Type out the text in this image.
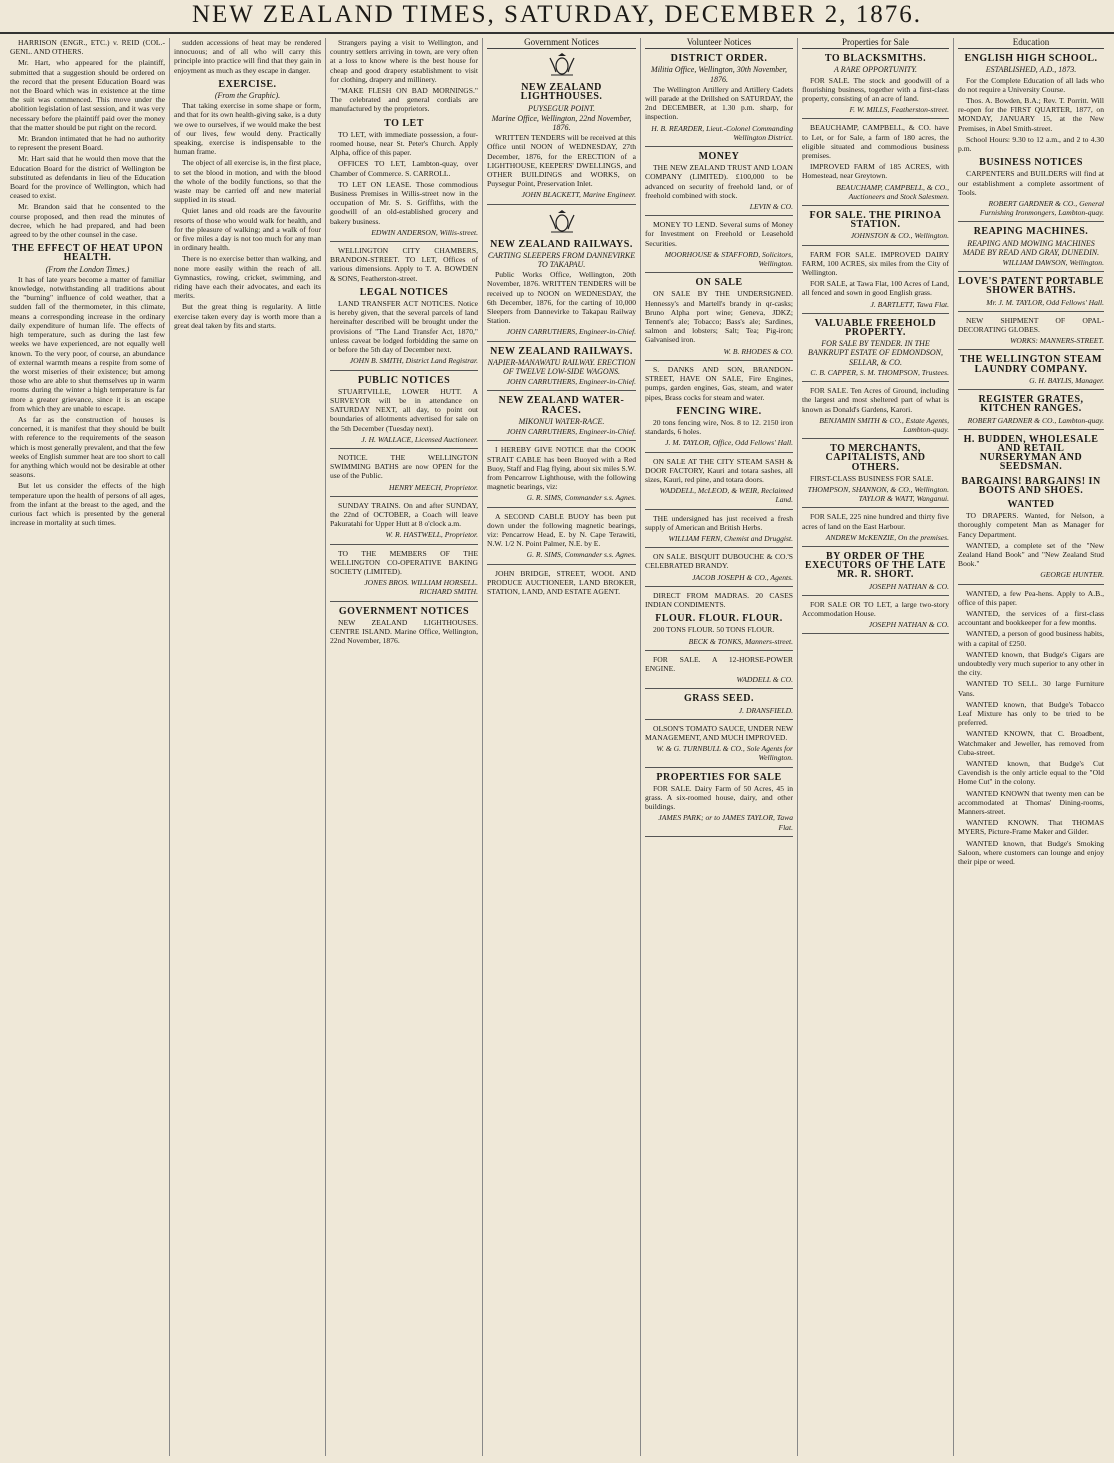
NEW ZEALAND TIMES, SATURDAY, DECEMBER 2, 1876.
HARRISON (ENGR., ETC.) v. REID (COL.-GENL. AND OTHERS.
Mr. Hart, who appeared for the plaintiff, submitted that a suggestion should be ordered on the record that the present Education Board was not the Board which was in existence at the time the suit was commenced. This move under the abolition legislation of last session, and it was very necessary before the plaintiff paid over the money that the matter should be put right on the record.
Mr. Brandon intimated that he had no authority to represent the present Board.
Mr. Hart said that he would then move that the Education Board for the district of Wellington be substituted as defendants in lieu of the Education Board for the province of Wellington, which had ceased to exist.
Mr. Brandon said that he consented to the course proposed, and then read the minutes of decree, which he had prepared, and had been agreed to by the other counsel in the case.
THE EFFECT OF HEAT UPON HEALTH.
(From the London Times.)
It has of late years become a matter of familiar knowledge, notwithstanding all traditions about the "burning" influence of cold weather, that a sudden fall of the thermometer, in this climate, means a corresponding increase in the ordinary daily expenditure of human life. The effects of high temperature, such as during the last few weeks we have experienced, are not equally well known. To the very poor, of course, an abundance of external warmth means a respite from some of the worst miseries of their existence; but among those who are able to shut themselves up in warm rooms during the winter a high temperature is far more a greater grievance, since it is an escape from which they are unable to escape.
As far as the construction of houses is concerned, it is manifest that they should be built with reference to the requirements of the season which is most generally prevalent, and that the few weeks of English summer heat are too short to call for anything which would not be desirable at other seasons.
But let us consider the effects of the high temperature upon the health of persons of all ages, from the infant at the breast to the aged, and the curious fact which is presented by the general increase in mortality at such times.
sudden accessions of heat may be rendered innocuous; and of all who will carry this principle into practice will find that they gain in enjoyment as much as they escape in danger.
EXERCISE.
(From the Graphic).
That taking exercise in some shape or form, and that for its own health-giving sake, is a duty we owe to ourselves, if we would make the best of our lives, few would deny. Practically speaking, exercise is indispensable to the human frame.
The object of all exercise is, in the first place, to set the blood in motion, and with the blood the whole of the bodily functions, so that the waste may be carried off and new material supplied in its stead.
Quiet lanes and old roads are the favourite resorts of those who would walk for health, and for the pleasure of walking; and a walk of four or five miles a day is not too much for any man in ordinary health.
There is no exercise better than walking, and none more easily within the reach of all. Gymnastics, rowing, cricket, swimming, and riding have each their advocates, and each its merits.
But the great thing is regularity. A little exercise taken every day is worth more than a great deal taken by fits and starts.
Strangers paying a visit to Wellington, and country settlers arriving in town, are very often at a loss to know where is the best house for cheap and good drapery establishment to visit for clothing, drapery and millinery.
"MAKE FLESH ON BAD MORNINGS." The celebrated and general cordials are manufactured by the proprietors.
TO LET
TO LET, with immediate possession, a four-roomed house, near St. Peter's Church. Apply Alpha, office of this paper.
OFFICES TO LET, Lambton-quay, over Chamber of Commerce. S. CARROLL.
TO LET ON LEASE. Those commodious Business Premises in Willis-street now in the occupation of Mr. S. S. Griffiths, with the goodwill of an old-established grocery and bakery business.
EDWIN ANDERSON, Willis-street.
WELLINGTON CITY CHAMBERS, BRANDON-STREET. TO LET, Offices of various dimensions. Apply to T. A. BOWDEN & SONS, Featherston-street.
LEGAL NOTICES
LAND TRANSFER ACT NOTICES. Notice is hereby given, that the several parcels of land hereinafter described will be brought under the provisions of "The Land Transfer Act, 1870," unless caveat be lodged forbidding the same on or before the 5th day of December next.
JOHN B. SMITH, District Land Registrar.
PUBLIC NOTICES
STUARTVILLE, LOWER HUTT. A SURVEYOR will be in attendance on SATURDAY NEXT, all day, to point out boundaries of allotments advertised for sale on the 5th December (Tuesday next).
J. H. WALLACE, Licensed Auctioneer.
NOTICE. THE WELLINGTON SWIMMING BATHS are now OPEN for the use of the Public.
HENRY MEECH, Proprietor.
SUNDAY TRAINS. On and after SUNDAY, the 22nd of OCTOBER, a Coach will leave Pakuratahi for Upper Hutt at 8 o'clock a.m.
W. R. HASTWELL, Proprietor.
TO THE MEMBERS OF THE WELLINGTON CO-OPERATIVE BAKING SOCIETY (LIMITED).
JONES BROS. WILLIAM HORSELL. RICHARD SMITH.
GOVERNMENT NOTICES
NEW ZEALAND LIGHTHOUSES. CENTRE ISLAND. Marine Office, Wellington, 22nd November, 1876.
Government Notices
NEW ZEALAND LIGHTHOUSES.
PUYSEGUR POINT.
Marine Office, Wellington, 22nd November, 1876.
WRITTEN TENDERS will be received at this Office until NOON of WEDNESDAY, 27th December, 1876, for the ERECTION of a LIGHTHOUSE, KEEPERS' DWELLINGS, and OTHER BUILDINGS and WORKS, on Puysegur Point, Preservation Inlet.
JOHN BLACKETT, Marine Engineer.
NEW ZEALAND RAILWAYS.
CARTING SLEEPERS FROM DANNEVIRKE TO TAKAPAU.
Public Works Office, Wellington, 20th November, 1876. WRITTEN TENDERS will be received up to NOON on WEDNESDAY, the 6th December, 1876, for the carting of 10,000 Sleepers from Dannevirke to Takapau Railway Station.
JOHN CARRUTHERS, Engineer-in-Chief.
NEW ZEALAND RAILWAYS.
NAPIER-MANAWATU RAILWAY. ERECTION OF TWELVE LOW-SIDE WAGONS.
JOHN CARRUTHERS, Engineer-in-Chief.
NEW ZEALAND WATER-RACES.
MIKONUI WATER-RACE.
JOHN CARRUTHERS, Engineer-in-Chief.
I HEREBY GIVE NOTICE that the COOK STRAIT CABLE has been Buoyed with a Red Buoy, Staff and Flag flying, about six miles S.W. from Pencarrow Lighthouse, with the following magnetic bearings, viz:
G. R. SIMS, Commander s.s. Agnes.
A SECOND CABLE BUOY has been put down under the following magnetic bearings, viz: Pencarrow Head, E. by N. Cape Terawiti, N.W. 1/2 N. Point Palmer, N.E. by E.
G. R. SIMS, Commander s.s. Agnes.
JOHN BRIDGE, STREET, WOOL AND PRODUCE AUCTIONEER, LAND BROKER, STATION, LAND, AND ESTATE AGENT.
Volunteer Notices
DISTRICT ORDER.
Militia Office, Wellington, 30th November, 1876.
The Wellington Artillery and Artillery Cadets will parade at the Drillshed on SATURDAY, the 2nd DECEMBER, at 1.30 p.m. sharp, for inspection.
H. B. REARDER, Lieut.-Colonel Commanding Wellington District.
MONEY
THE NEW ZEALAND TRUST AND LOAN COMPANY (LIMITED). £100,000 to be advanced on security of freehold land, or of freehold combined with stock.
LEVIN & CO.
MONEY TO LEND. Several sums of Money for Investment on Freehold or Leasehold Securities.
MOORHOUSE & STAFFORD, Solicitors, Wellington.
ON SALE
ON SALE BY THE UNDERSIGNED. Hennessy's and Martell's brandy in qr-casks; Bruno Alpha port wine; Geneva, JDKZ; Tennent's ale; Tobacco; Bass's ale; Sardines, salmon and lobsters; Salt; Tea; Pig-iron; Galvanised iron.
W. B. RHODES & CO.
S. DANKS AND SON, BRANDON-STREET, HAVE ON SALE, Fire Engines, pumps, garden engines, Gas, steam, and water pipes, Brass cocks for steam and water.
FENCING WIRE.
20 tons fencing wire, Nos. 8 to 12. 2150 iron standards, 6 holes.
J. M. TAYLOR, Office, Odd Fellows' Hall.
ON SALE AT THE CITY STEAM SASH & DOOR FACTORY, Kauri and totara sashes, all sizes, Kauri, red pine, and totara doors.
WADDELL, McLEOD, & WEIR, Reclaimed Land.
THE undersigned has just received a fresh supply of American and British Herbs.
WILLIAM FERN, Chemist and Druggist.
ON SALE. BISQUIT DUBOUCHE & CO.'S CELEBRATED BRANDY.
JACOB JOSEPH & CO., Agents.
DIRECT FROM MADRAS. 20 CASES INDIAN CONDIMENTS.
FLOUR. FLOUR. FLOUR.
200 TONS FLOUR. 50 TONS FLOUR.
BECK & TONKS, Manners-street.
FOR SALE. A 12-HORSE-POWER ENGINE.
WADDELL & CO.
GRASS SEED.
J. DRANSFIELD.
OLSON'S TOMATO SAUCE, UNDER NEW MANAGEMENT, AND MUCH IMPROVED.
W. & G. TURNBULL & CO., Sole Agents for Wellington.
PROPERTIES FOR SALE
FOR SALE. Dairy Farm of 50 Acres, 45 in grass. A six-roomed house, dairy, and other buildings.
JAMES PARK; or to JAMES TAYLOR, Tawa Flat.
Properties for Sale
TO BLACKSMITHS.
A RARE OPPORTUNITY.
FOR SALE. The stock and goodwill of a flourishing business, together with a first-class property, consisting of an acre of land.
F. W. MILLS, Featherston-street.
BEAUCHAMP, CAMPBELL, & CO. have to Let, or for Sale, a farm of 180 acres, the eligible situated and commodious business premises.
IMPROVED FARM of 185 ACRES, with Homestead, near Greytown.
BEAUCHAMP, CAMPBELL, & CO., Auctioneers and Stock Salesmen.
FOR SALE. THE PIRINOA STATION.
JOHNSTON & CO., Wellington.
FARM FOR SALE. IMPROVED DAIRY FARM, 100 ACRES, six miles from the City of Wellington.
FOR SALE, at Tawa Flat, 100 Acres of Land, all fenced and sown in good English grass.
J. BARTLETT, Tawa Flat.
VALUABLE FREEHOLD PROPERTY.
FOR SALE BY TENDER. IN THE BANKRUPT ESTATE OF EDMONDSON, SELLAR, & CO.
C. B. CAPPER, S. M. THOMPSON, Trustees.
FOR SALE. Ten Acres of Ground, including the largest and most sheltered part of what is known as Donald's Gardens, Karori.
BENJAMIN SMITH & CO., Estate Agents, Lambton-quay.
TO MERCHANTS, CAPITALISTS, AND OTHERS.
FIRST-CLASS BUSINESS FOR SALE.
THOMPSON, SHANNON, & CO., Wellington. TAYLOR & WATT, Wanganui.
FOR SALE, 225 nine hundred and thirty five acres of land on the East Harbour.
ANDREW McKENZIE, On the premises.
BY ORDER OF THE EXECUTORS OF THE LATE MR. R. SHORT.
JOSEPH NATHAN & CO.
FOR SALE OR TO LET, a large two-story Accommodation House.
JOSEPH NATHAN & CO.
Education
ENGLISH HIGH SCHOOL.
ESTABLISHED, A.D., 1873.
For the Complete Education of all lads who do not require a University Course.
Thos. A. Bowden, B.A.; Rev. T. Porritt. Will re-open for the FIRST QUARTER, 1877, on MONDAY, JANUARY 15, at the New Premises, in Abel Smith-street.
School Hours: 9.30 to 12 a.m., and 2 to 4.30 p.m.
BUSINESS NOTICES
CARPENTERS and BUILDERS will find at our establishment a complete assortment of Tools.
ROBERT GARDNER & CO., General Furnishing Ironmongers, Lambton-quay.
REAPING MACHINES.
REAPING AND MOWING MACHINES MADE BY READ AND GRAY, DUNEDIN.
WILLIAM DAWSON, Wellington.
LOVE'S PATENT PORTABLE SHOWER BATHS.
Mr. J. M. TAYLOR, Odd Fellows' Hall.
NEW SHIPMENT OF OPAL-DECORATING GLOBES.
WORKS: MANNERS-STREET.
THE WELLINGTON STEAM LAUNDRY COMPANY.
G. H. BAYLIS, Manager.
REGISTER GRATES, KITCHEN RANGES.
ROBERT GARDNER & CO., Lambton-quay.
H. BUDDEN, WHOLESALE AND RETAIL NURSERYMAN AND SEEDSMAN.
BARGAINS! BARGAINS! IN BOOTS AND SHOES.
WANTED
TO DRAPERS. Wanted, for Nelson, a thoroughly competent Man as Manager for Fancy Department.
WANTED, a complete set of the "New Zealand Hand Book" and "New Zealand Stud Book."
GEORGE HUNTER.
WANTED, a few Pea-hens. Apply to A.B., office of this paper.
WANTED, the services of a first-class accountant and bookkeeper for a few months.
WANTED, a person of good business habits, with a capital of £250.
WANTED known, that Budge's Cigars are undoubtedly very much superior to any other in the city.
WANTED TO SELL. 30 large Furniture Vans.
WANTED known, that Budge's Tobacco Leaf Mixture has only to be tried to be preferred.
WANTED KNOWN, that C. Broadbent, Watchmaker and Jeweller, has removed from Cuba-street.
WANTED known, that Budge's Cut Cavendish is the only article equal to the "Old Home Cut" in the colony.
WANTED KNOWN that twenty men can be accommodated at Thomas' Dining-rooms, Manners-street.
WANTED KNOWN. That THOMAS MYERS, Picture-Frame Maker and Gilder.
WANTED known, that Budge's Smoking Saloon, where customers can lounge and enjoy their pipe or weed.
